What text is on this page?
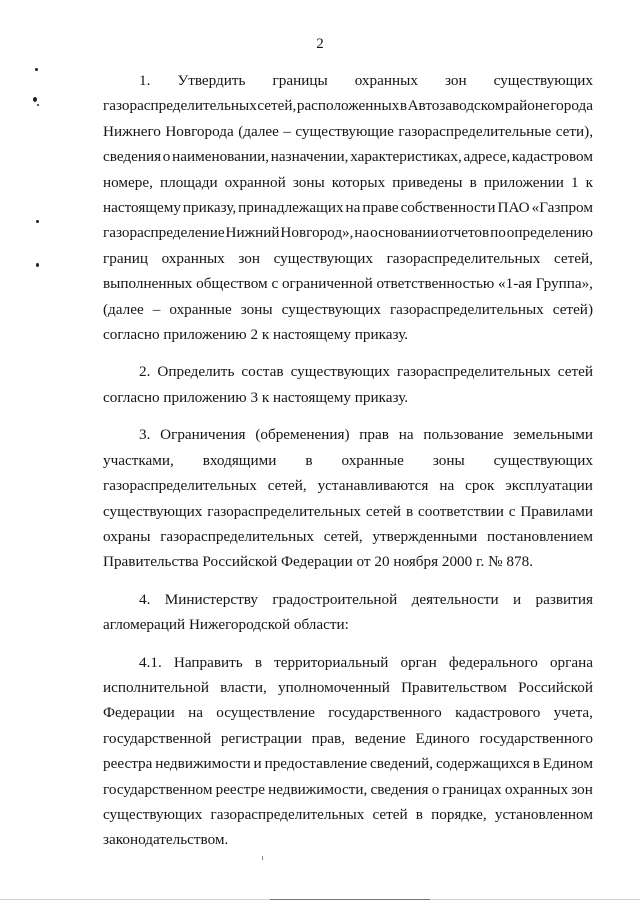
2

1. Утвердить границы охранных зон существующих
газораспределительных сетей, расположенных в Автозаводском районе города
Нижнего Новгорода (далее – существующие газораспределительные сети),
сведения о наименовании, назначении, характеристиках, адресе, кадастровом
номере, площади охранной зоны которых приведены в приложении 1 к
настоящему приказу, принадлежащих на праве собственности ПАО «Газпром
газораспределение Нижний Новгород», на основании отчетов по определению
границ охранных зон существующих газораспределительных сетей,
выполненных обществом с ограниченной ответственностью «1-ая Группа»,
(далее – охранные зоны существующих газораспределительных сетей)
согласно приложению 2 к настоящему приказу.

2. Определить состав существующих газораспределительных сетей
согласно приложению 3 к настоящему приказу.

3. Ограничения (обременения) прав на пользование земельными
участками, входящими в охранные зоны существующих
газораспределительных сетей, устанавливаются на срок эксплуатации
существующих газораспределительных сетей в соответствии с Правилами
охраны газораспределительных сетей, утвержденными постановлением
Правительства Российской Федерации от 20 ноября 2000 г. № 878.

4. Министерству градостроительной деятельности и развития
агломераций Нижегородской области:

4.1. Направить в территориальный орган федерального органа
исполнительной власти, уполномоченный Правительством Российской
Федерации на осуществление государственного кадастрового учета,
государственной регистрации прав, ведение Единого государственного
реестра недвижимости и предоставление сведений, содержащихся в Едином
государственном реестре недвижимости, сведения о границах охранных зон
существующих газораспределительных сетей в порядке, установленном
законодательством.
